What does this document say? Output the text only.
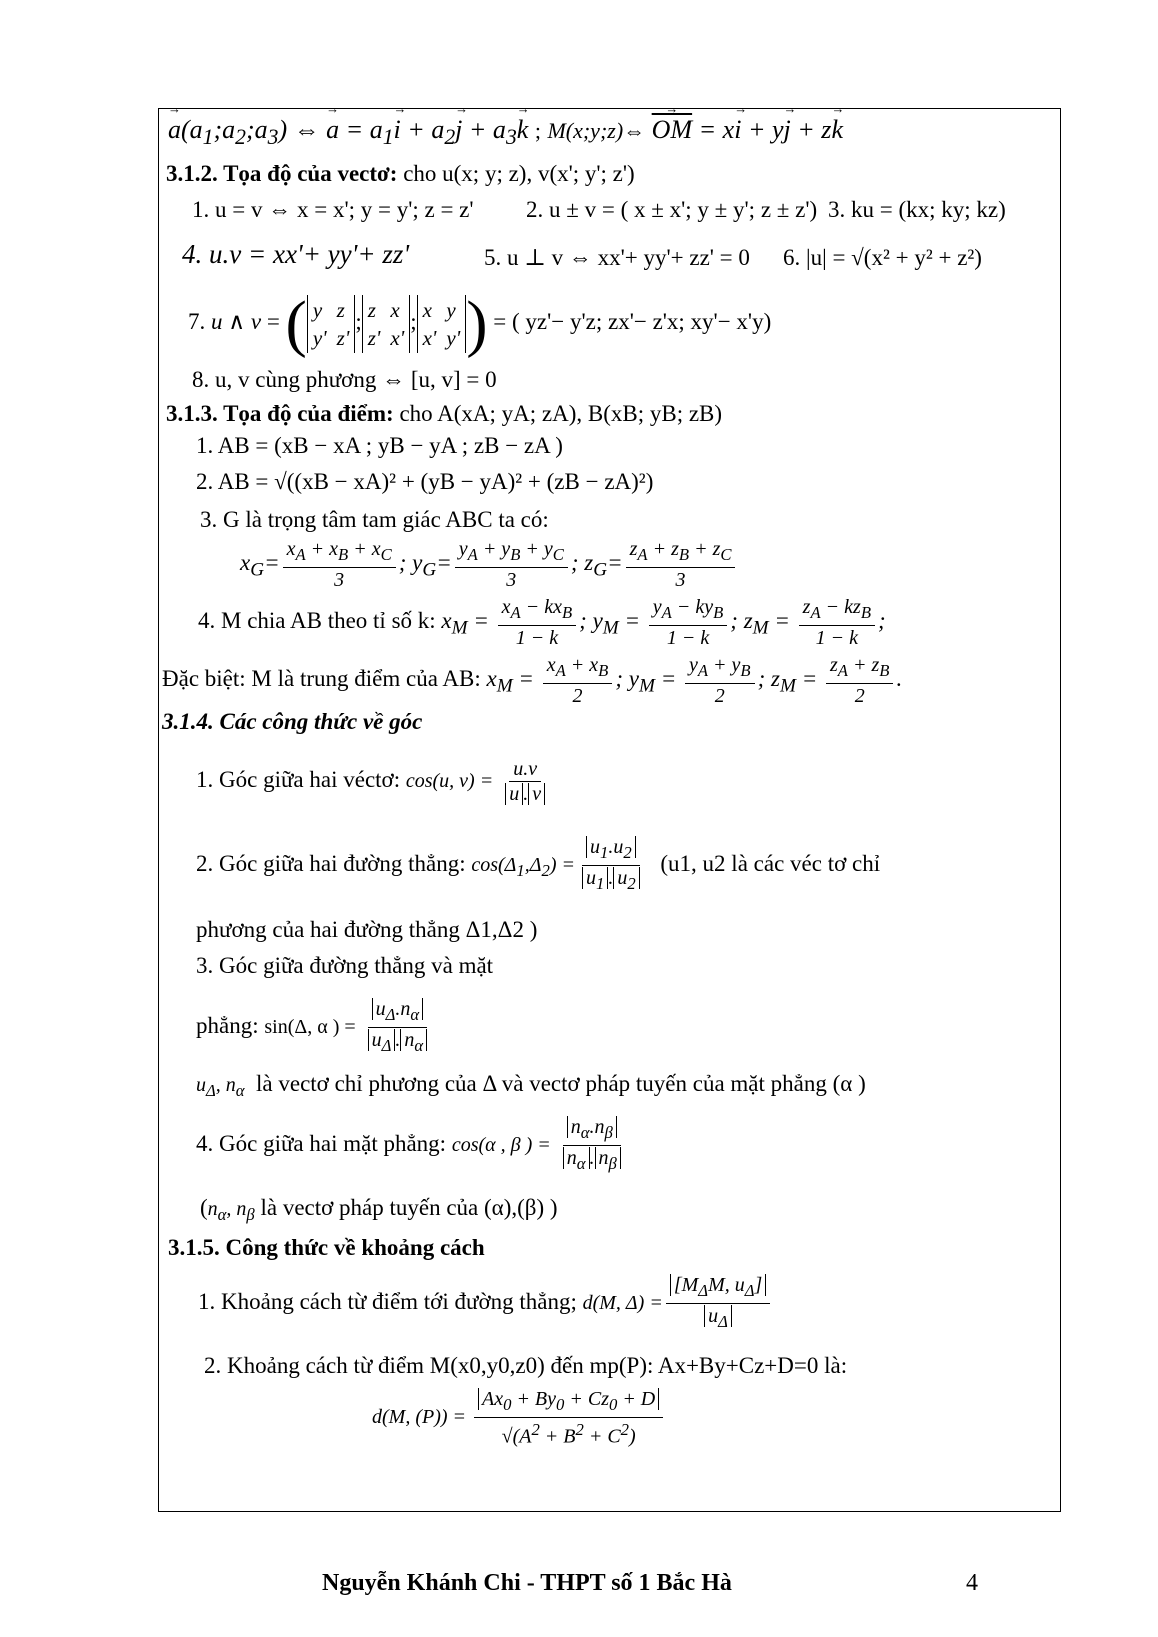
→ $a(a_1;a_2;a_3)$ ⇔ → $a = a_1\to i + a_2\to j + a_3\to k$ ; M(x;y;z)⇔ → $\overline{OM} = x\to i + y\to j + z\to k$
3.1.2. Tọa độ của vectơ: cho u(x; y; z), v(x'; y'; z')
1. u = v ⇔ x = x'; y = y'; z = z' 2. u ± v = ( x ± x'; y ± y'; z ± z') 3. ku = (kx; ky; kz)
4. u.v = xx'+ yy'+ zz'	5. u ⊥ v ⇔ xx'+ yy'+ zz' = 0 6. |u| = √(x² + y² + z²)
7. u ∧ v = ( y z
y' z'
; z x
z' x'
; x y
x' y' ) = ( yz'− y'z; zx'− z'x; xy'− x'y)
8. u, v cùng phương ⇔ [u, v] = 0
3.1.3. Tọa độ của điểm: cho A(xA; yA; zA), B(xB; yB; zB)
1. AB = (xB − xA ; yB − yA ; zB − zA )
2. AB = √((xB − xA)² + (yB − yA)² + (zB − zA)²)
3. G là trọng tâm tam giác ABC ta có:
$x_G= \frac{x_A + x_B + x_C}{3}$ ; $y_G= \frac{y_A + y_B + y_C}{3}$ ; $z_G= \frac{z_A + z_B + z_C}{3}$
4. M chia AB theo tỉ số k: $x_M = \frac{x_A - kx_B}{1 - k}$ ; $y_M = \frac{y_A - ky_B}{1 - k}$ ; $z_M = \frac{z_A - kz_B}{1 - k}$ ;
Đặc biệt: M là trung điểm của AB: $x_M = \frac{x_A + x_B}{2}$ ; $y_M = \frac{y_A + y_B}{2}$ ; $z_M = \frac{z_A + z_B}{2}$ .
3.1.4. Các công thức về góc
1. Góc giữa hai véctơ: cos(u, $v) = \frac{u.v}{u . v}$
2. Góc giữa hai đường thẳng: $\cos(\Delta_1,\Delta_2) = \frac{u_1.u_2}{u_1 . u_2} (u1$, u2 là các véc tơ chỉ
phương của hai đường thẳng Δ1,Δ2 )
3. Góc giữa đường thẳng và mặt
phẳng: sin(Δ, α ) = $\frac{u_\Delta.n_\alpha}{u_\Delta . n_\alpha}$
$u_\Delta$, $n_\alpha$ là vectơ chỉ phương của Δ và vectơ pháp tuyến của mặt phẳng (α )
4. Góc giữa hai mặt phẳng: cos(α , β ) = $\frac{n_\alpha.n_\beta}{n_\alpha . n_\beta}$
($n_\alpha$, $n_\beta$ là vectơ pháp tuyến của (α),(β) )
3.1.5. Công thức về khoảng cách
1. Khoảng cách từ điểm tới đường thẳng; d(M, $\Delta) = \frac{[M_\Delta M, u_\Delta]}{u_\Delta}$
2. Khoảng cách từ điểm M(x0,y0,z0) đến mp(P): Ax+By+Cz+D=0 là:
d(M, $(P)) = \frac{Ax_0 + By_0 + Cz_0 + D}{√(A^2 + B^2 + C^2)}$
Nguyễn Khánh Chi - THPT số 1 Bắc Hà	4
